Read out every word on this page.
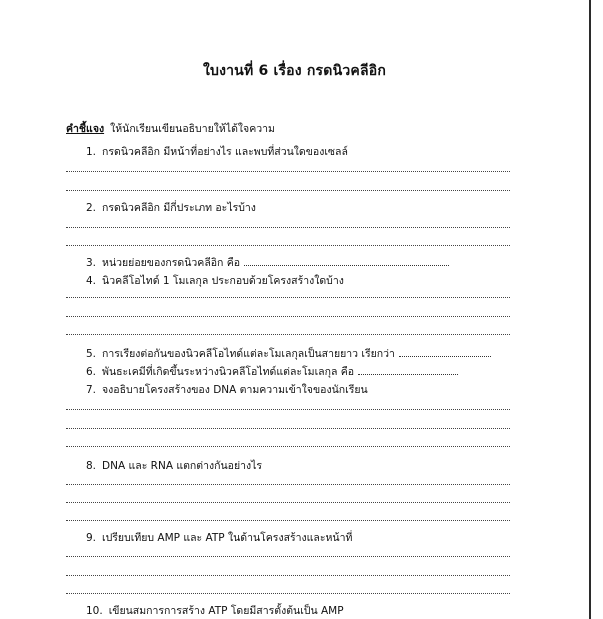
ใบงานที่ 6 เรื่อง กรดนิวคลีอิก
คำชี้แจง ให้นักเรียนเขียนอธิบายให้ได้ใจความ
1. กรดนิวคลีอิก มีหน้าที่อย่างไร และพบที่ส่วนใดของเซลล์
2. กรดนิวคลีอิก มีกี่ประเภท อะไรบ้าง
3. หน่วยย่อยของกรดนิวคลีอิก คือ
4. นิวคลีโอไทด์ 1 โมเลกุล ประกอบด้วยโครงสร้างใดบ้าง
5. การเรียงต่อกันของนิวคลีโอไทด์แต่ละโมเลกุลเป็นสายยาว เรียกว่า
6. พันธะเคมีที่เกิดขึ้นระหว่างนิวคลีโอไทด์แต่ละโมเลกุล คือ
7. จงอธิบายโครงสร้างของ DNA ตามความเข้าใจของนักเรียน
8. DNA และ RNA แตกต่างกันอย่างไร
9. เปรียบเทียบ AMP และ ATP ในด้านโครงสร้างและหน้าที่
10. เขียนสมการการสร้าง ATP โดยมีสารตั้งต้นเป็น AMP
